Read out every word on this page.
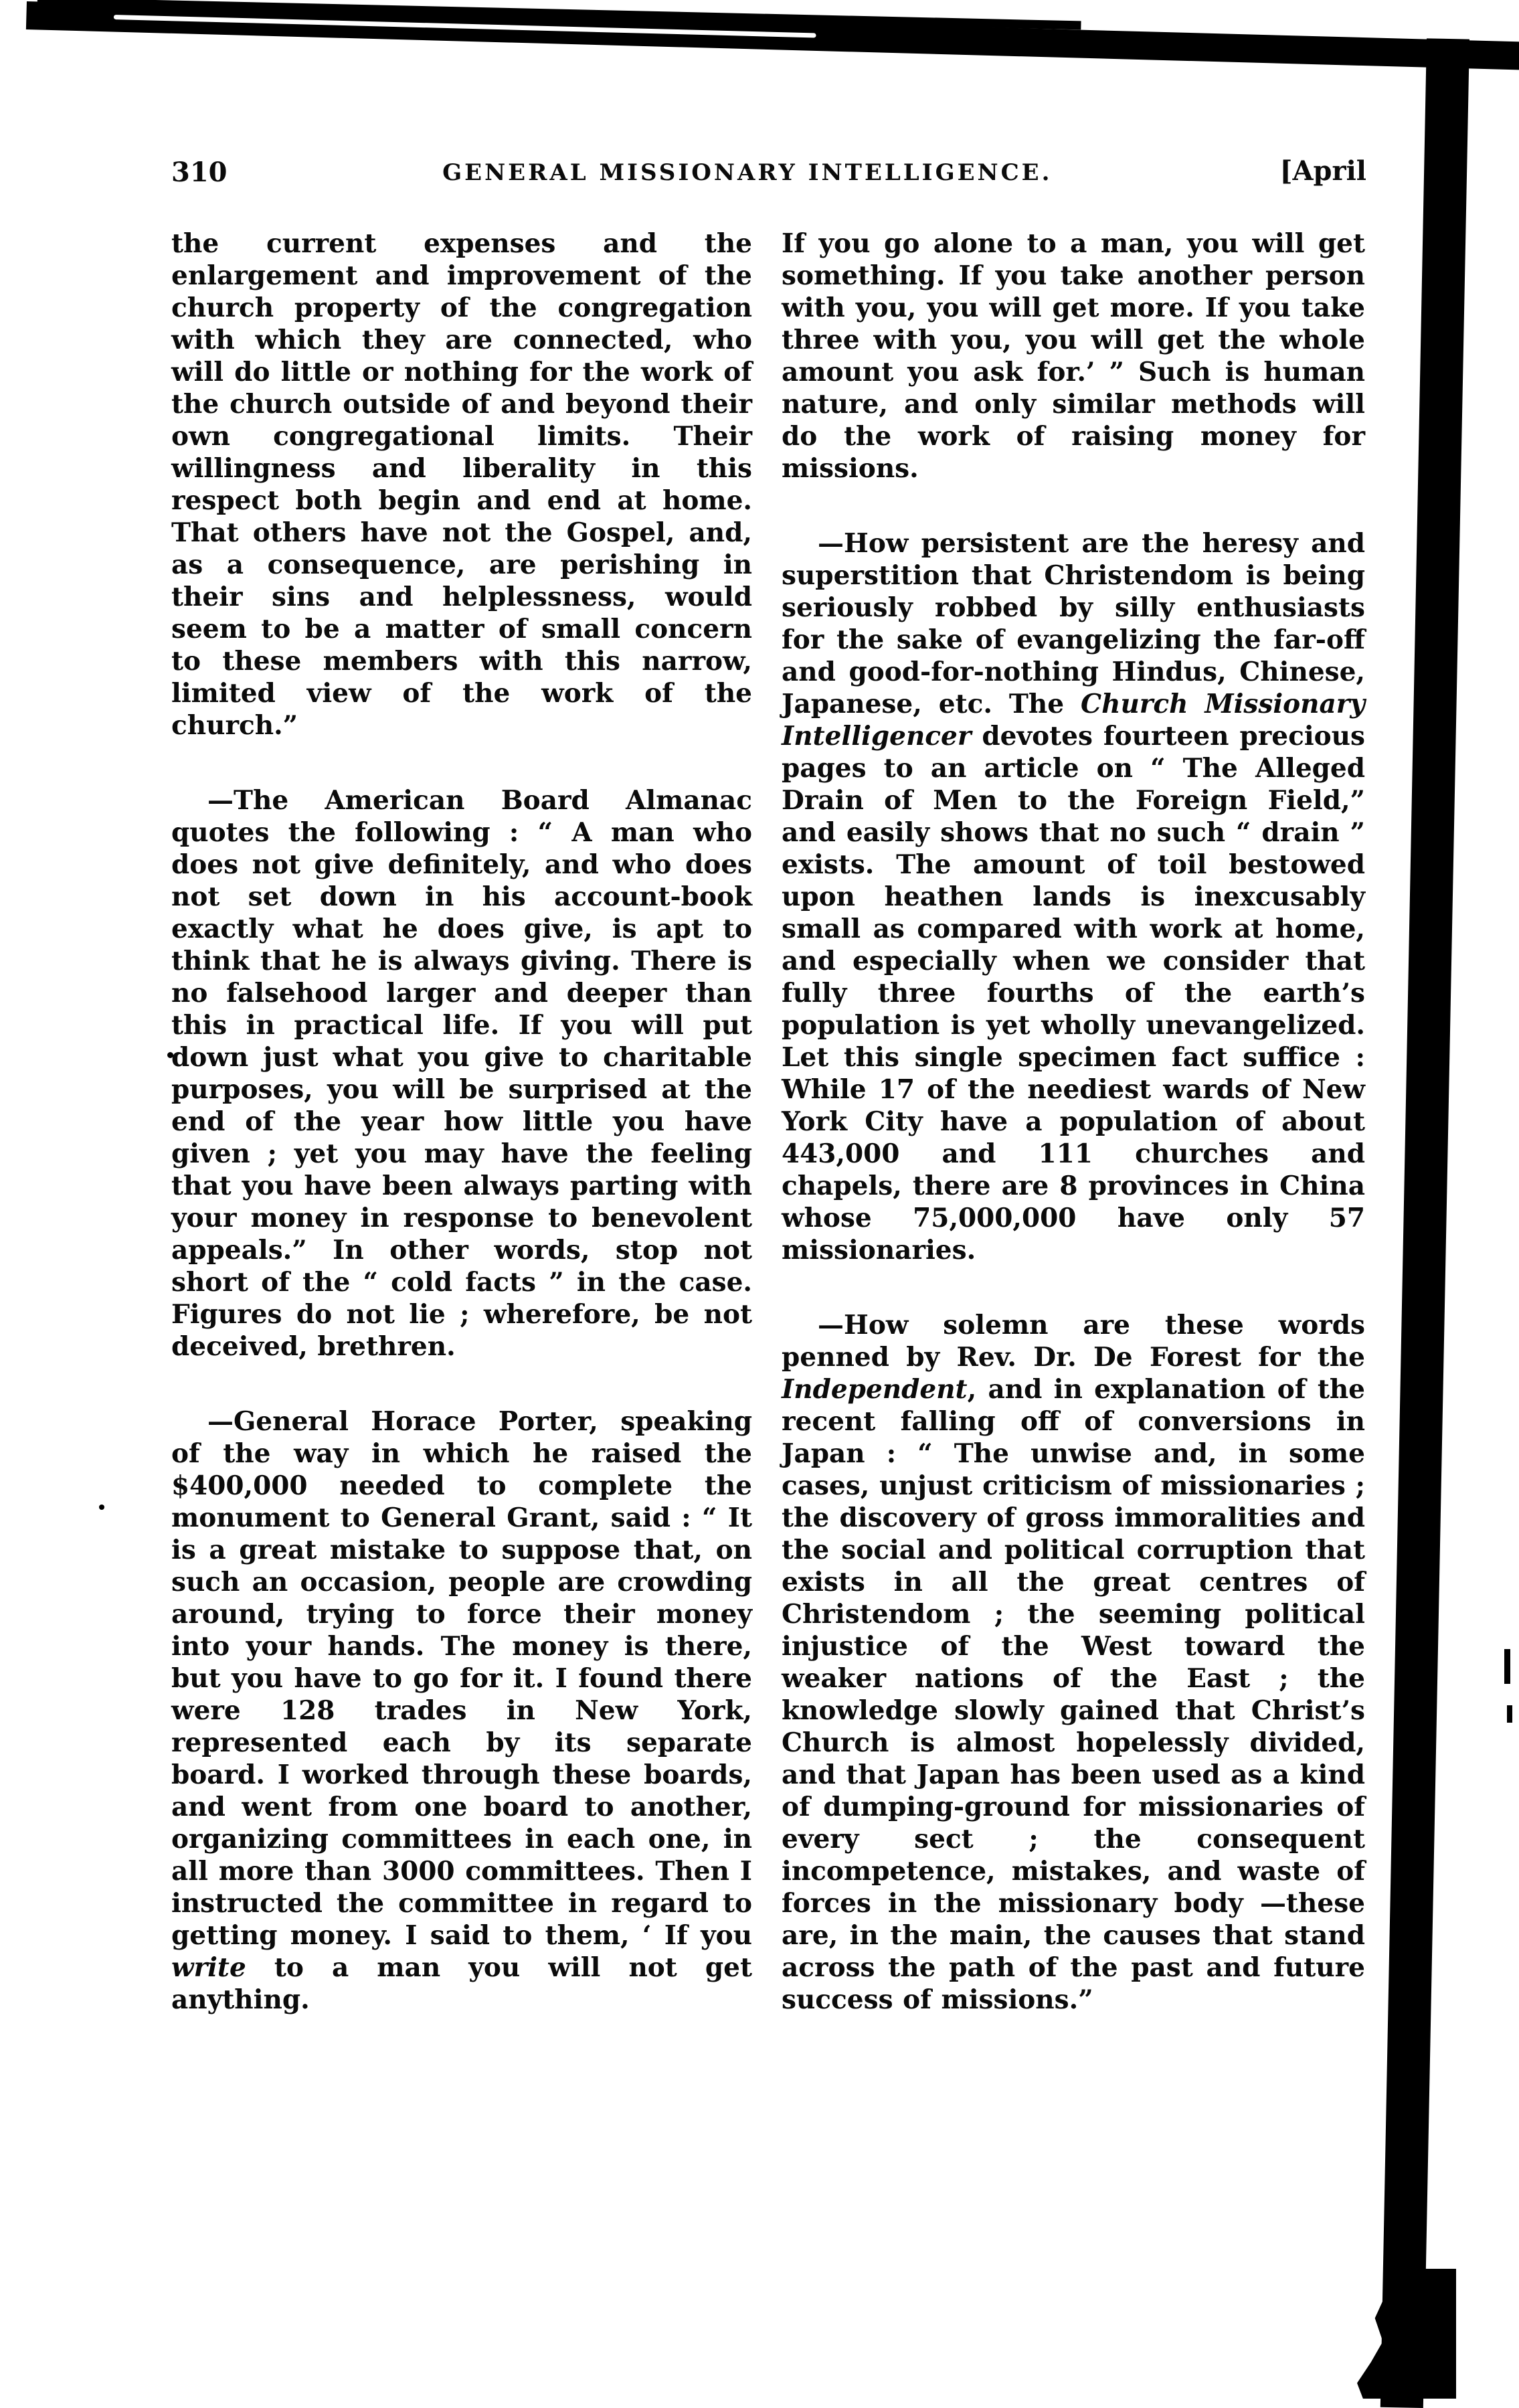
310	GENERAL MISSIONARY INTELLIGENCE.	[April

the current expenses and the enlargement and improvement of the church property of the congregation with which they are connected, who will do little or nothing for the work of the church outside of and beyond their own congregational limits. Their willingness and liberality in this respect both begin and end at home. That others have not the Gospel, and, as a consequence, are perishing in their sins and helplessness, would seem to be a matter of small concern to these members with this narrow, limited view of the work of the church.”

—The American Board Almanac quotes the following : “ A man who does not give definitely, and who does not set down in his account-book exactly what he does give, is apt to think that he is always giving. There is no falsehood larger and deeper than this in practical life. If you will put down just what you give to charitable purposes, you will be surprised at the end of the year how little you have given ; yet you may have the feeling that you have been always parting with your money in response to benevolent appeals.” In other words, stop not short of the “ cold facts ” in the case. Figures do not lie ; wherefore, be not deceived, brethren.

—General Horace Porter, speaking of the way in which he raised the $400,000 needed to complete the monument to General Grant, said : “ It is a great mistake to suppose that, on such an occasion, people are crowding around, trying to force their money into your hands. The money is there, but you have to go for it. I found there were 128 trades in New York, represented each by its separate board. I worked through these boards, and went from one board to another, organizing committees in each one, in all more than 3000 committees. Then I instructed the committee in regard to getting money. I said to them, ‘ If you write to a man you will not get anything.

If you go alone to a man, you will get something. If you take another person with you, you will get more. If you take three with you, you will get the whole amount you ask for.’ ” Such is human nature, and only similar methods will do the work of raising money for missions.

—How persistent are the heresy and superstition that Christendom is being seriously robbed by silly enthusiasts for the sake of evangelizing the far-off and good-for-nothing Hindus, Chinese, Japanese, etc. The Church Missionary Intelligencer devotes fourteen precious pages to an article on “ The Alleged Drain of Men to the Foreign Field,” and easily shows that no such “ drain ” exists. The amount of toil bestowed upon heathen lands is inexcusably small as compared with work at home, and especially when we consider that fully three fourths of the earth’s population is yet wholly unevangelized. Let this single specimen fact suffice : While 17 of the neediest wards of New York City have a population of about 443,000 and 111 churches and chapels, there are 8 provinces in China whose 75,000,000 have only 57 missionaries.

—How solemn are these words penned by Rev. Dr. De Forest for the Independent, and in explanation of the recent falling off of conversions in Japan : “ The unwise and, in some cases, unjust criticism of missionaries ; the discovery of gross immoralities and the social and political corruption that exists in all the great centres of Christendom ; the seeming political injustice of the West toward the weaker nations of the East ; the knowledge slowly gained that Christ’s Church is almost hopelessly divided, and that Japan has been used as a kind of dumping-ground for missionaries of every sect ; the consequent incompetence, mistakes, and waste of forces in the missionary body —these are, in the main, the causes that stand across the path of the past and future success of missions.”
